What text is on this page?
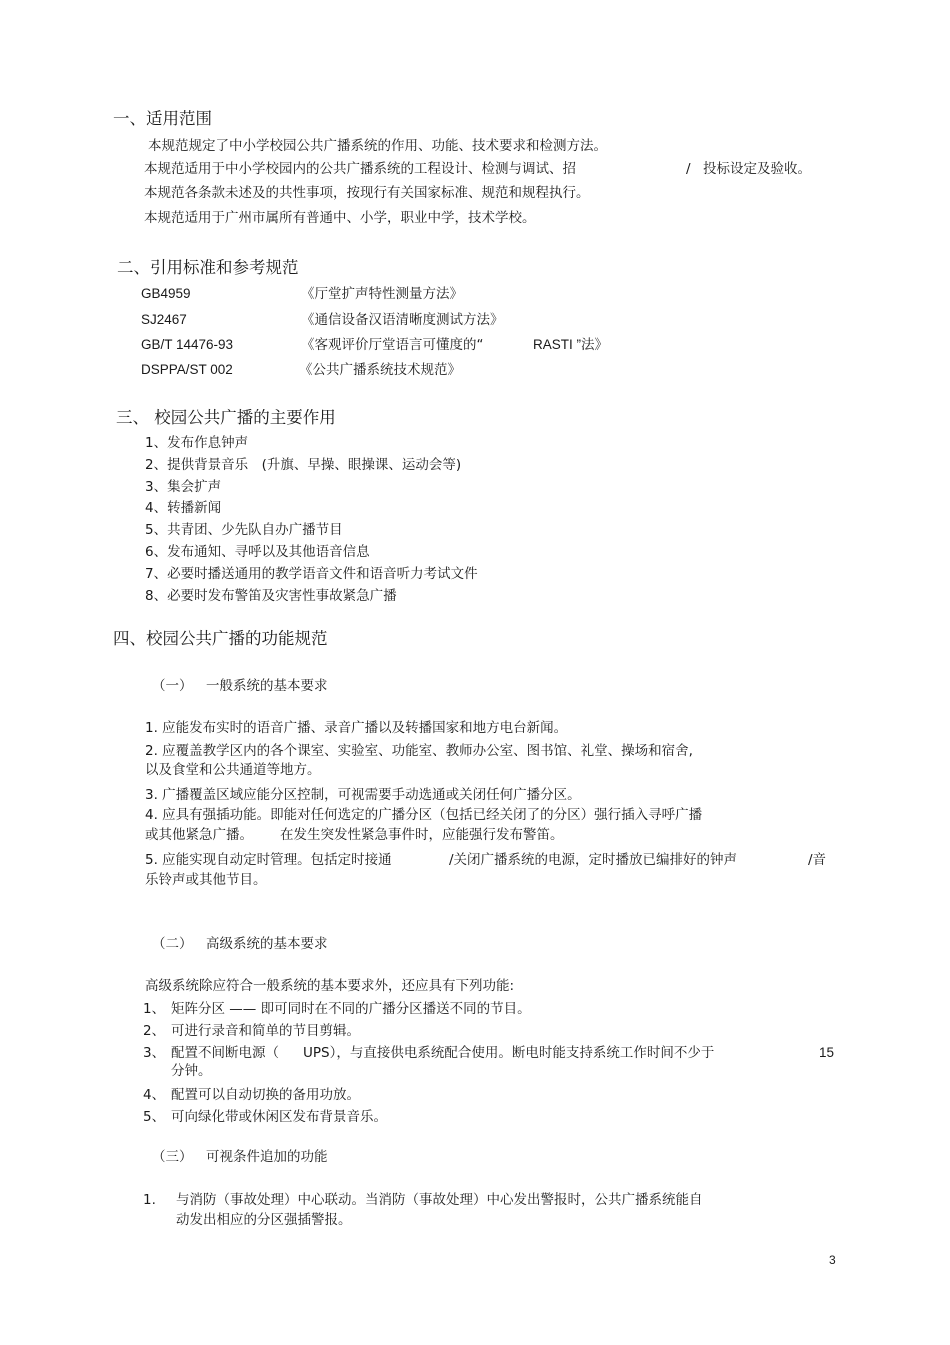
一、适用范围
本规范规定了中小学校园公共广播系统的作用、功能、技术要求和检测方法。
本规范适用于中小学校园内的公共广播系统的工程设计、检测与调试、招	/ 投标设定及验收。
本规范各条款未述及的共性事项，按现行有关国家标准、规范和规程执行。
本规范适用于广州市属所有普通中、小学，职业中学，技术学校。
二、引用标准和参考规范
GB4959	《厅堂扩声特性测量方法》
SJ2467	《通信设备汉语清晰度测试方法》
GB/T 14476-93	《客观评价厅堂语言可懂度的“	RASTI ”法》
DSPPA/ST 002	《公共广播系统技术规范》
三、 校园公共广播的主要作用
1、发布作息钟声
2、提供背景音乐　(升旗、早操、眼操课、运动会等)
3、集会扩声
4、转播新闻
5、共青团、少先队自办广播节目
6、发布通知、寻呼以及其他语音信息
7、必要时播送通用的教学语音文件和语音听力考试文件
8、必要时发布警笛及灾害性事故紧急广播
四、校园公共广播的功能规范
（一） 一般系统的基本要求
1. 应能发布实时的语音广播、录音广播以及转播国家和地方电台新闻。
2. 应覆盖教学区内的各个课室、实验室、功能室、教师办公室、图书馆、礼堂、操场和宿舍,
以及食堂和公共通道等地方。
3. 广播覆盖区域应能分区控制，可视需要手动选通或关闭任何广播分区。
4. 应具有强插功能。即能对任何选定的广播分区（包括已经关闭了的分区）强行插入寻呼广播
或其他紧急广播。 在发生突发性紧急事件时，应能强行发布警笛。
5. 应能实现自动定时管理。包括定时接通	/关闭广播系统的电源，定时播放已编排好的钟声	/音
乐铃声或其他节目。
（二） 高级系统的基本要求
高级系统除应符合一般系统的基本要求外，还应具有下列功能:
1、 矩阵分区 —— 即可同时在不同的广播分区播送不同的节目。
2、 可进行录音和简单的节目剪辑。
3、 配置不间断电源（ UPS），与直接供电系统配合使用。断电时能支持系统工作时间不少于	15
分钟。
4、 配置可以自动切换的备用功放。
5、 可向绿化带或休闲区发布背景音乐。
（三） 可视条件追加的功能
1. 与消防（事故处理）中心联动。当消防（事故处理）中心发出警报时，公共广播系统能自
动发出相应的分区强插警报。
3
